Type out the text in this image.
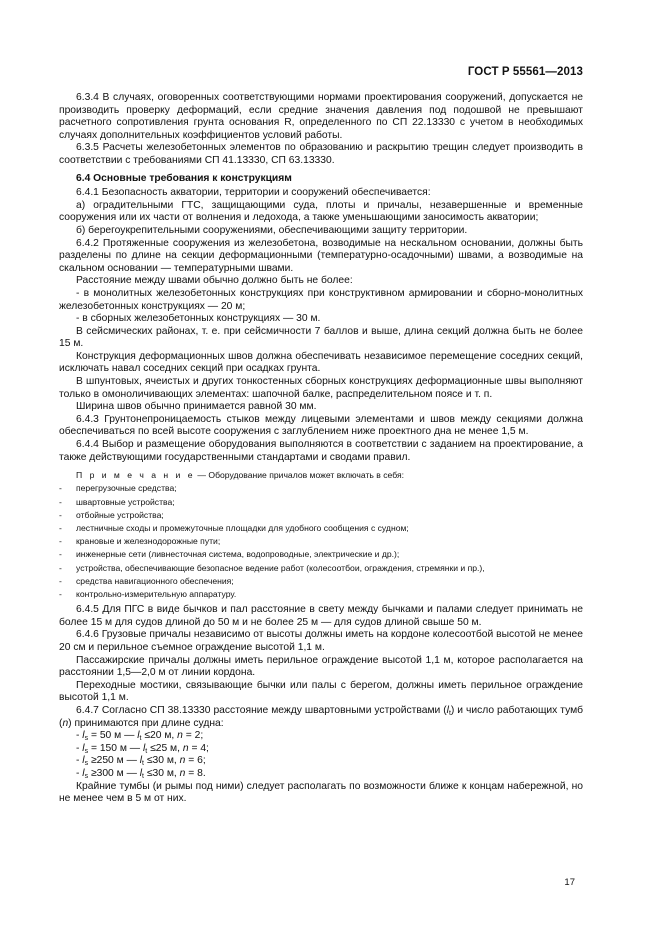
ГОСТ Р 55561—2013

6.3.4 В случаях, оговоренных соответствующими нормами проектирования сооружений, допускается не производить проверку деформаций, если средние значения давления под подошвой не превышают расчетного сопротивления грунта основания R, определенного по СП 22.13330 с учетом в необходимых случаях дополнительных коэффициентов условий работы.

6.3.5 Расчеты железобетонных элементов по образованию и раскрытию трещин следует производить в соответствии с требованиями СП 41.13330, СП 63.13330.

6.4 Основные требования к конструкциям

6.4.1 Безопасность акватории, территории и сооружений обеспечивается:

а) оградительными ГТС, защищающими суда, плоты и причалы, незавершенные и временные сооружения или их части от волнения и ледохода, а также уменьшающими заносимость акватории;

б) берегоукрепительными сооружениями, обеспечивающими защиту территории.

6.4.2 Протяженные сооружения из железобетона, возводимые на нескальном основании, должны быть разделены по длине на секции деформационными (температурно-осадочными) швами, а возводимые на скальном основании — температурными швами.

Расстояние между швами обычно должно быть не более:

- в монолитных железобетонных конструкциях при конструктивном армировании и сборно-монолитных железобетонных конструкциях — 20 м;

- в сборных железобетонных конструкциях — 30 м.

В сейсмических районах, т. е. при сейсмичности 7 баллов и выше, длина секций должна быть не более 15 м.

Конструкция деформационных швов должна обеспечивать независимое перемещение соседних секций, исключать навал соседних секций при осадках грунта.

В шпунтовых, ячеистых и других тонкостенных сборных конструкциях деформационные швы выполняют только в омоноличивающих элементах: шапочной балке, распределительном поясе и т. п.

Ширина швов обычно принимается равной 30 мм.

6.4.3 Грунтонепроницаемость стыков между лицевыми элементами и швов между секциями должна обеспечиваться по всей высоте сооружения с заглублением ниже проектного дна не менее 1,5 м.

6.4.4 Выбор и размещение оборудования выполняются в соответствии с заданием на проектирование, а также действующими государственными стандартами и сводами правил.

П р и м е ч а н и е — Оборудование причалов может включать в себя:
- перегрузочные средства;
- швартовные устройства;
- отбойные устройства;
- лестничные сходы и промежуточные площадки для удобного сообщения с судном;
- крановые и железнодорожные пути;
- инженерные сети (ливнесточная система, водопроводные, электрические и др.);
- устройства, обеспечивающие безопасное ведение работ (колесоотбои, ограждения, стремянки и пр.),
- средства навигационного обеспечения;
- контрольно-измерительную аппаратуру.

6.4.5 Для ПГС в виде бычков и пал расстояние в свету между бычками и палами следует принимать не более 15 м для судов длиной до 50 м и не более 25 м — для судов длиной свыше 50 м.

6.4.6 Грузовые причалы независимо от высоты должны иметь на кордоне колесоотбой высотой не менее 20 см и перильное съемное ограждение высотой 1,1 м.

Пассажирские причалы должны иметь перильное ограждение высотой 1,1 м, которое располагается на расстоянии 1,5—2,0 м от линии кордона.

Переходные мостики, связывающие бычки или палы с берегом, должны иметь перильное ограждение высотой 1,1 м.

6.4.7 Согласно СП 38.13330 расстояние между швартовными устройствами $(l_t)$ и число работающих тумб (n) принимаются при длине судна:

- $l_s = 50$ м — $l_t \le 20$ м, n = 2;

- $l_s = 150$ м — $l_t \le 25$ м, n = 4;

- $l_s \ge 250$ м — $l_t \le 30$ м, n = 6;

- $l_s \ge 300$ м — $l_t \le 30$ м, n = 8.

Крайние тумбы (и рымы под ними) следует располагать по возможности ближе к концам набережной, но не менее чем в 5 м от них.

17
